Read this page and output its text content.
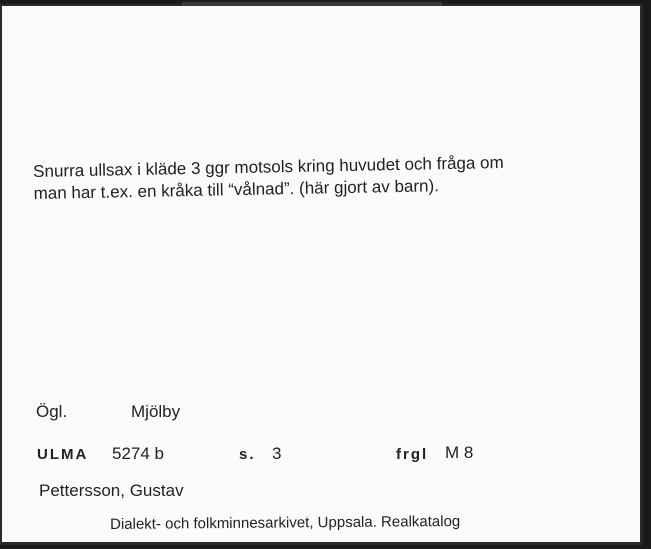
Snurra ullsax i kläde 3 ggr motsols kring huvudet och fråga om
man har t.ex. en kråka till “vålnad”. (här gjort av barn).
Ögl.	Mjölby
ULMA 5274 b	s. 3	frgl M 8
Pettersson, Gustav
Dialekt- och folkminnesarkivet, Uppsala. Realkatalog
